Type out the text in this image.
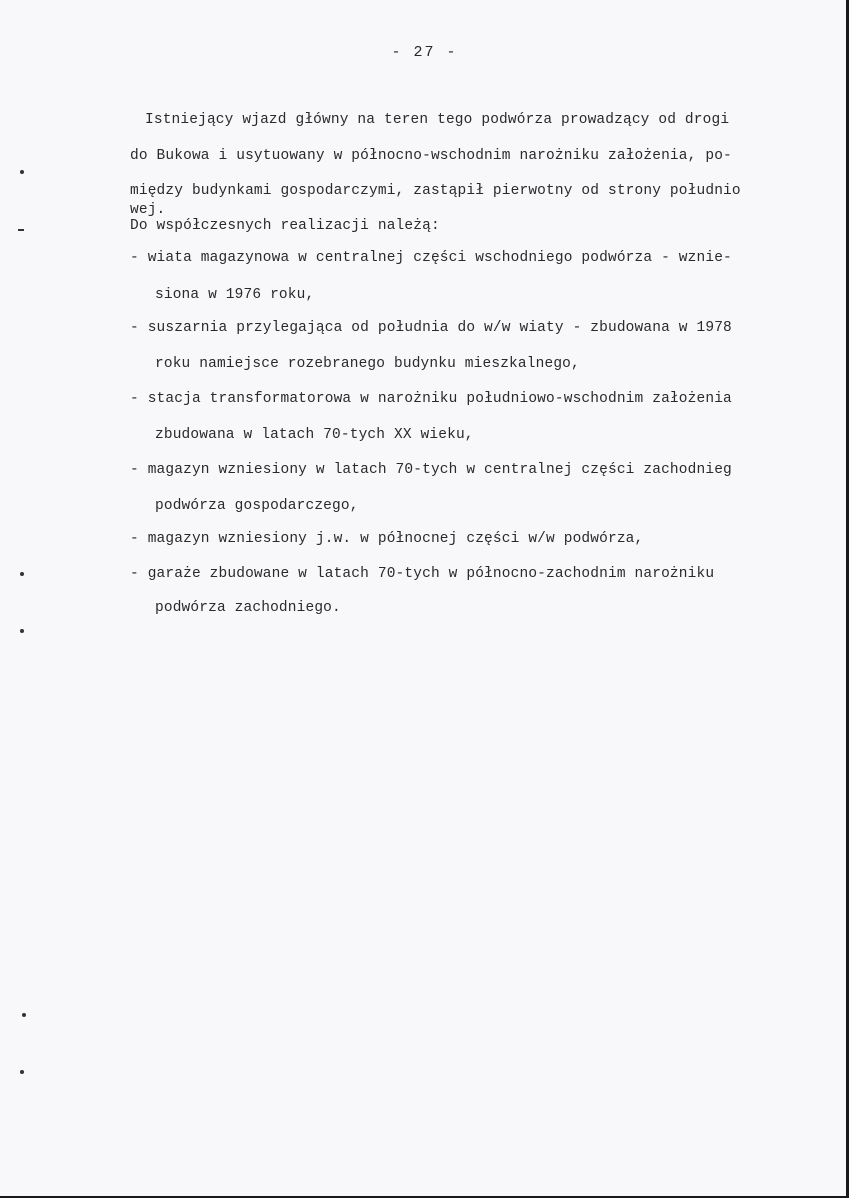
- 27 -
Istniejący wjazd główny na teren tego podwórza prowadzący od drogi
do Bukowa i usytuowany w północno-wschodnim narożniku założenia, po-
między budynkami gospodarczymi, zastąpił pierwotny od strony południo
wej.
Do współczesnych realizacji należą:
- wiata magazynowa w centralnej części wschodniego podwórza - wznie-
siona w 1976 roku,
- suszarnia przylegająca od południa do w/w wiaty - zbudowana w 1978
roku namiejsce rozebranego budynku mieszkalnego,
- stacja transformatorowa w narożniku południowo-wschodnim założenia
zbudowana w latach 70-tych XX wieku,
- magazyn wzniesiony w latach 70-tych w centralnej części zachodnieg
podwórza gospodarczego,
- magazyn wzniesiony j.w. w północnej części w/w podwórza,
- garaże zbudowane w latach 70-tych w północno-zachodnim narożniku
podwórza zachodniego.
